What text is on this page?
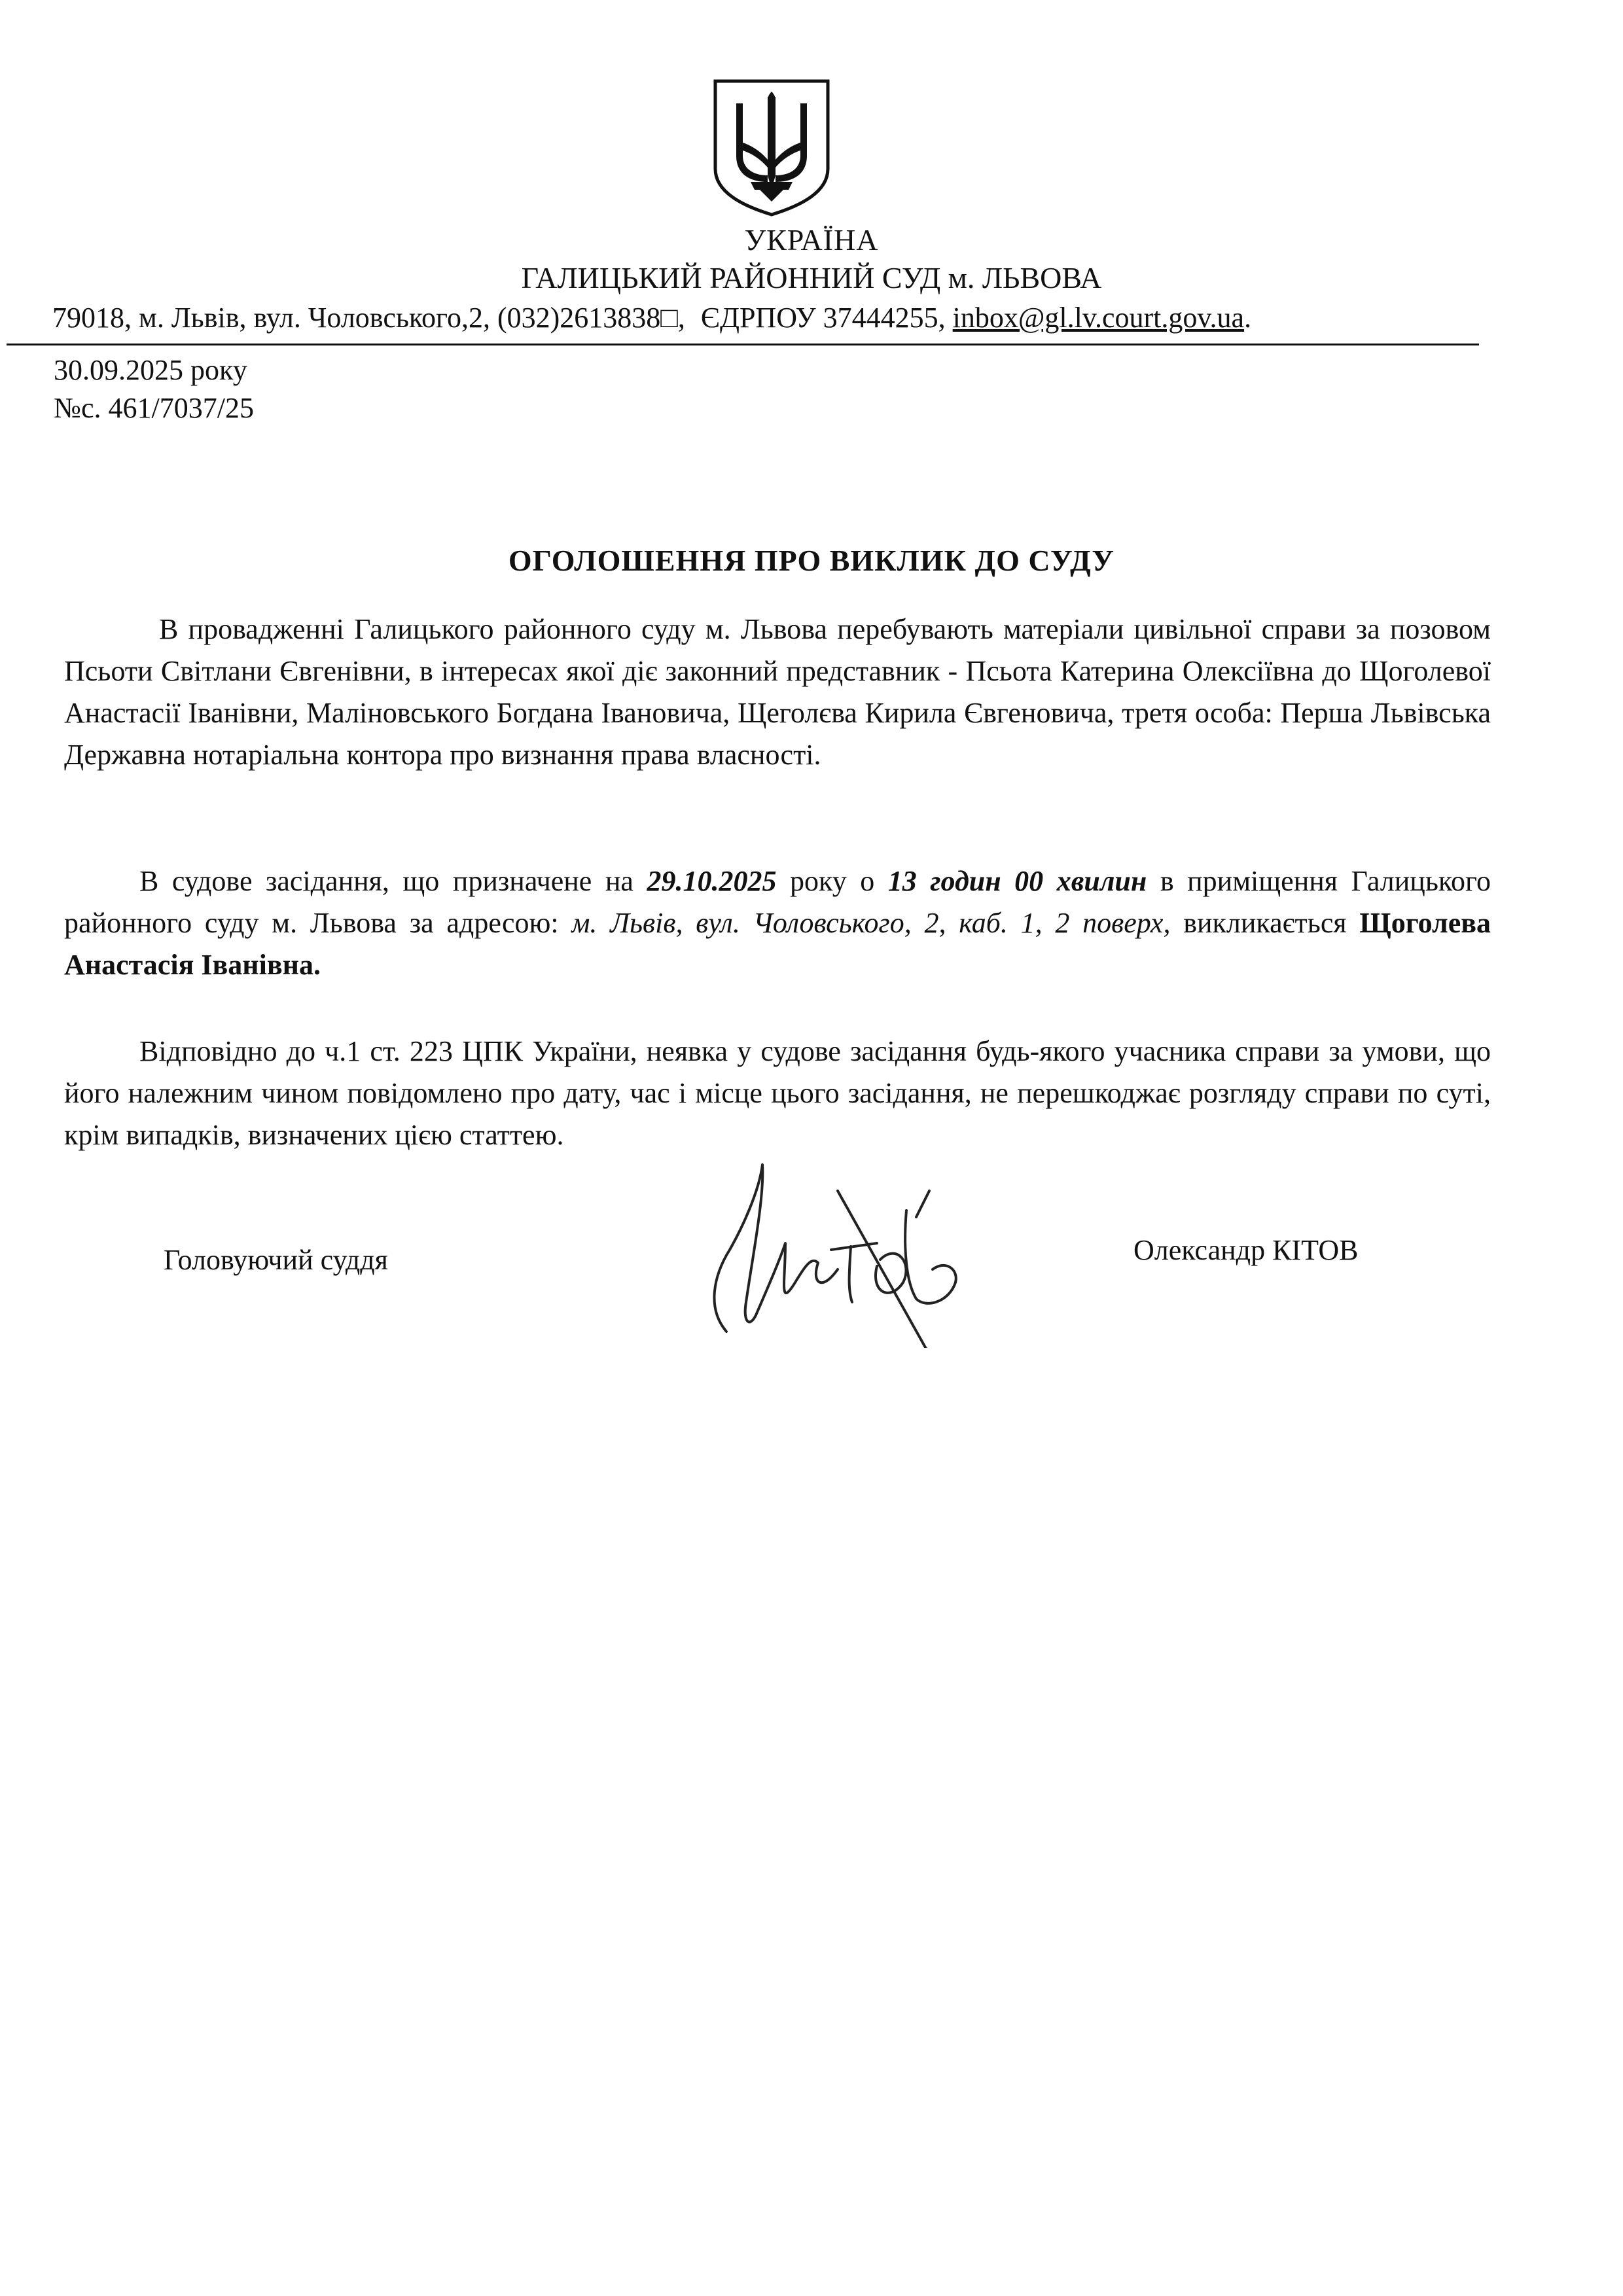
УКРАЇНА
ГАЛИЦЬКИЙ РАЙОННИЙ СУД м. ЛЬВОВА
79018, м. Львів, вул. Чоловського,2, (032)2613838□, ЄДРПОУ 37444255, inbox@gl.lv.court.gov.ua.
30.09.2025 року
№с. 461/7037/25
ОГОЛОШЕННЯ ПРО ВИКЛИК ДО СУДУ
В провадженні Галицького районного суду м. Львова перебувають матеріали цивільної справи за позовом Псьоти Світлани Євгенівни, в інтересах якої діє законний представник - Псьота Катерина Олексіївна до Щоголевої Анастасії Іванівни, Маліновського Богдана Івановича, Щеголєва Кирила Євгеновича, третя особа: Перша Львівська Державна нотаріальна контора про визнання права власності.
В судове засідання, що призначене на 29.10.2025 року о 13 годин 00 хвилин в приміщення Галицького районного суду м. Львова за адресою: м. Львів, вул. Чоловського, 2, каб. 1, 2 поверх, викликається Щоголева Анастасія Іванівна.
Відповідно до ч.1 ст. 223 ЦПК України, неявка у судове засідання будь-якого учасника справи за умови, що його належним чином повідомлено про дату, час і місце цього засідання, не перешкоджає розгляду справи по суті, крім випадків, визначених цією статтею.
Головуючий суддя	Олександр КІТОВ
